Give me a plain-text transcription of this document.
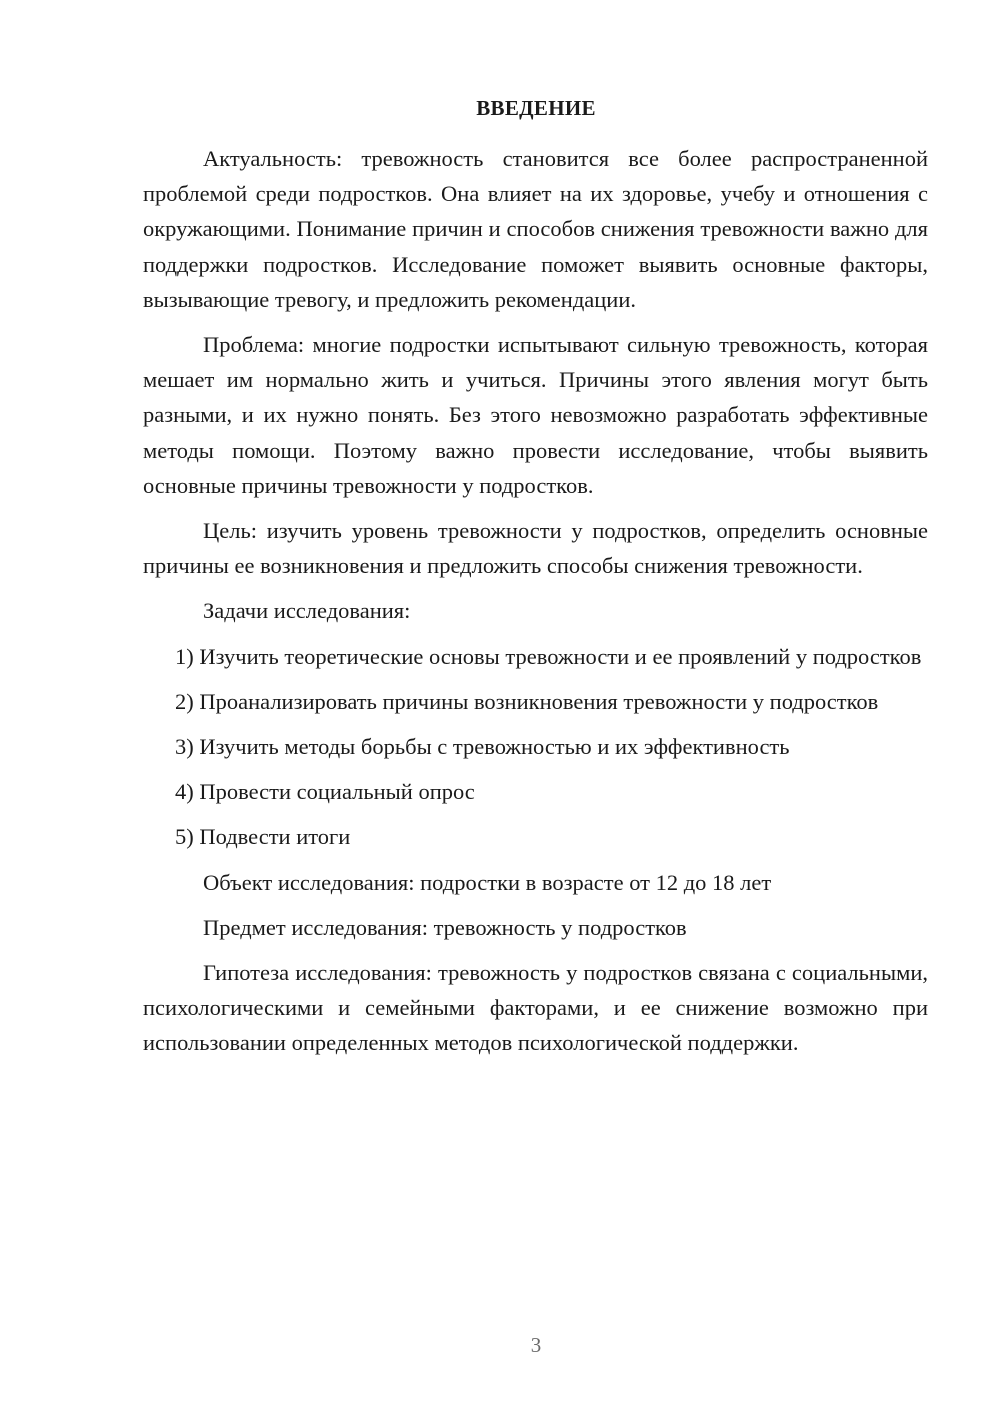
ВВЕДЕНИЕ

Актуальность: тревожность становится все более распространенной проблемой среди подростков. Она влияет на их здоровье, учебу и отношения с окружающими. Понимание причин и способов снижения тревожности важно для поддержки подростков. Исследование поможет выявить основные факторы, вызывающие тревогу, и предложить рекомендации.

Проблема: многие подростки испытывают сильную тревожность, которая мешает им нормально жить и учиться. Причины этого явления могут быть разными, и их нужно понять. Без этого невозможно разработать эффективные методы помощи. Поэтому важно провести исследование, чтобы выявить основные причины тревожности у подростков.

Цель: изучить уровень тревожности у подростков, определить основные причины ее возникновения и предложить способы снижения тревожности.

Задачи исследования:

1) Изучить теоретические основы тревожности и ее проявлений у подростков

2) Проанализировать причины возникновения тревожности у подростков

3) Изучить методы борьбы с тревожностью и их эффективность

4) Провести социальный опрос

5) Подвести итоги

Объект исследования: подростки в возрасте от 12 до 18 лет

Предмет исследования: тревожность у подростков

Гипотеза исследования: тревожность у подростков связана с социальными, психологическими и семейными факторами, и ее снижение возможно при использовании определенных методов психологической поддержки.

3
